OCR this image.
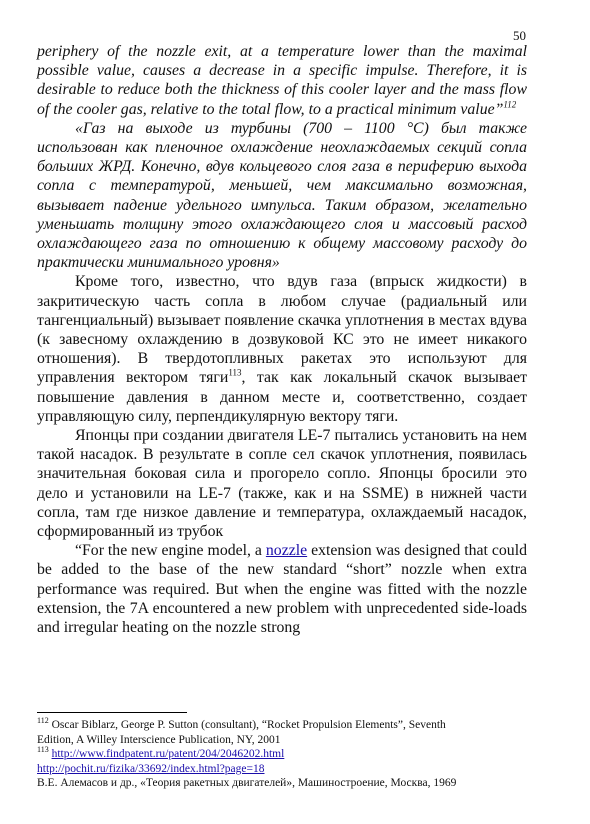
50

periphery of the nozzle exit, at a temperature lower than the maximal possible value, causes a decrease in a specific impulse. Therefore, it is desirable to reduce both the thickness of this cooler layer and the mass flow of the cooler gas, relative to the total flow, to a practical minimum value”$^{112}$

«Газ на выходе из турбины (700 – 1100 °С) был также использован как пленочное охлаждение неохлаждаемых секций сопла больших ЖРД. Конечно, вдув кольцевого слоя газа в периферию выхода сопла с температурой, меньшей, чем максимально возможная, вызывает падение удельного импульса. Таким образом, желательно уменьшать толщину этого охлаждающего слоя и массовый расход охлаждающего газа по отношению к общему массовому расходу до практически минимального уровня»

Кроме того, известно, что вдув газа (впрыск жидкости) в закритическую часть сопла в любом случае (радиальный или тангенциальный) вызывает появление скачка уплотнения в местах вдува (к завесному охлаждению в дозвуковой КС это не имеет никакого отношения). В твердотопливных ракетах это используют для управления вектором тяги$^{113}$, так как локальный скачок вызывает повышение давления в данном месте и, соответственно, создает управляющую силу, перпендикулярную вектору тяги.

Японцы при создании двигателя LE-7 пытались установить на нем такой насадок. В результате в сопле сел скачок уплотнения, появилась значительная боковая сила и прогорело сопло. Японцы бросили это дело и установили на LE-7 (также, как и на SSME) в нижней части сопла, там где низкое давление и температура, охлаждаемый насадок, сформированный из трубок

“For the new engine model, a nozzle extension was designed that could be added to the base of the new standard “short” nozzle when extra performance was required. But when the engine was fitted with the nozzle extension, the 7A encountered a new problem with unprecedented side-loads and irregular heating on the nozzle strong

$^{112}$ Oscar Biblarz, George P. Sutton (consultant), “Rocket Propulsion Elements”, Seventh
Edition, A Willey Interscience Publication, NY, 2001
$^{113}$ http://www.findpatent.ru/patent/204/2046202.html
http://pochit.ru/fizika/33692/index.html?page=18
В.Е. Алемасов и др., «Теория ракетных двигателей», Машиностроение, Москва, 1969
